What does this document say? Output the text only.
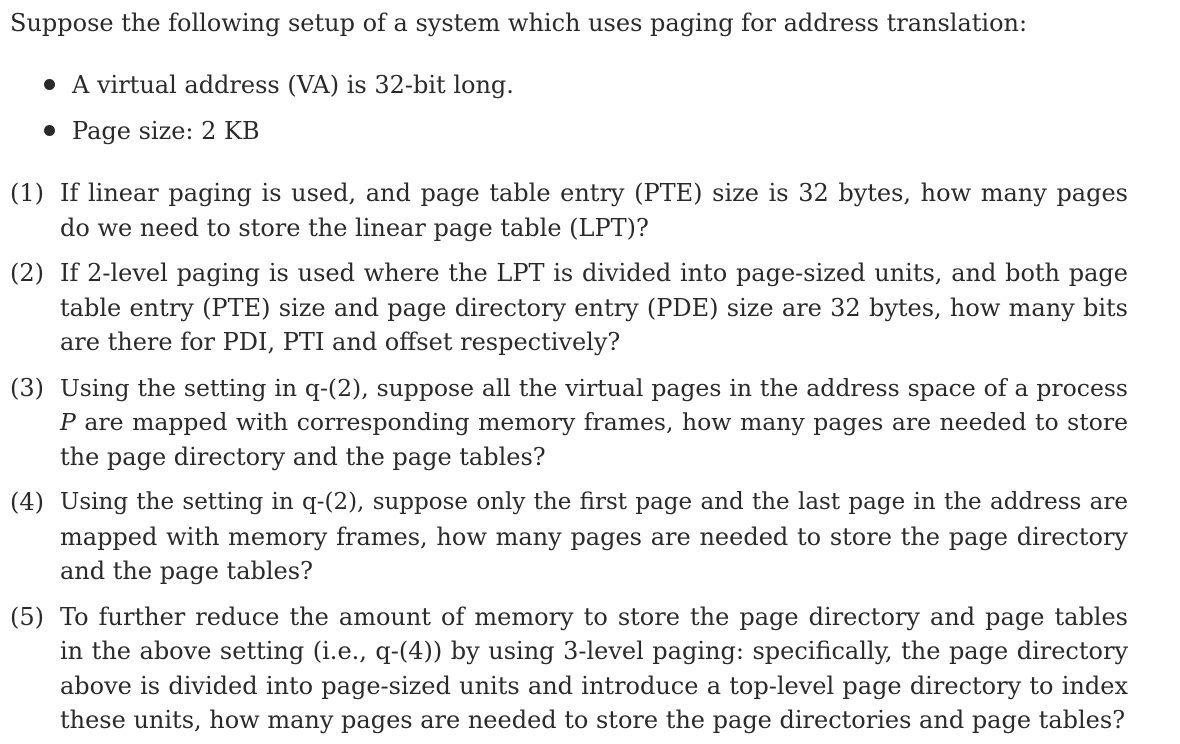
Suppose the following setup of a system which uses paging for address translation:
A virtual address (VA) is 32-bit long.
Page size: 2 KB
(1) If linear paging is used, and page table entry (PTE) size is 32 bytes, how many pages
do we need to store the linear page table (LPT)?
(2) If 2-level paging is used where the LPT is divided into page-sized units, and both page
table entry (PTE) size and page directory entry (PDE) size are 32 bytes, how many bits
are there for PDI, PTI and offset respectively?
(3) Using the setting in q-(2), suppose all the virtual pages in the address space of a process
P are mapped with corresponding memory frames, how many pages are needed to store
the page directory and the page tables?
(4) Using the setting in q-(2), suppose only the first page and the last page in the address are
mapped with memory frames, how many pages are needed to store the page directory
and the page tables?
(5) To further reduce the amount of memory to store the page directory and page tables
in the above setting (i.e., q-(4)) by using 3-level paging: specifically, the page directory
above is divided into page-sized units and introduce a top-level page directory to index
these units, how many pages are needed to store the page directories and page tables?
